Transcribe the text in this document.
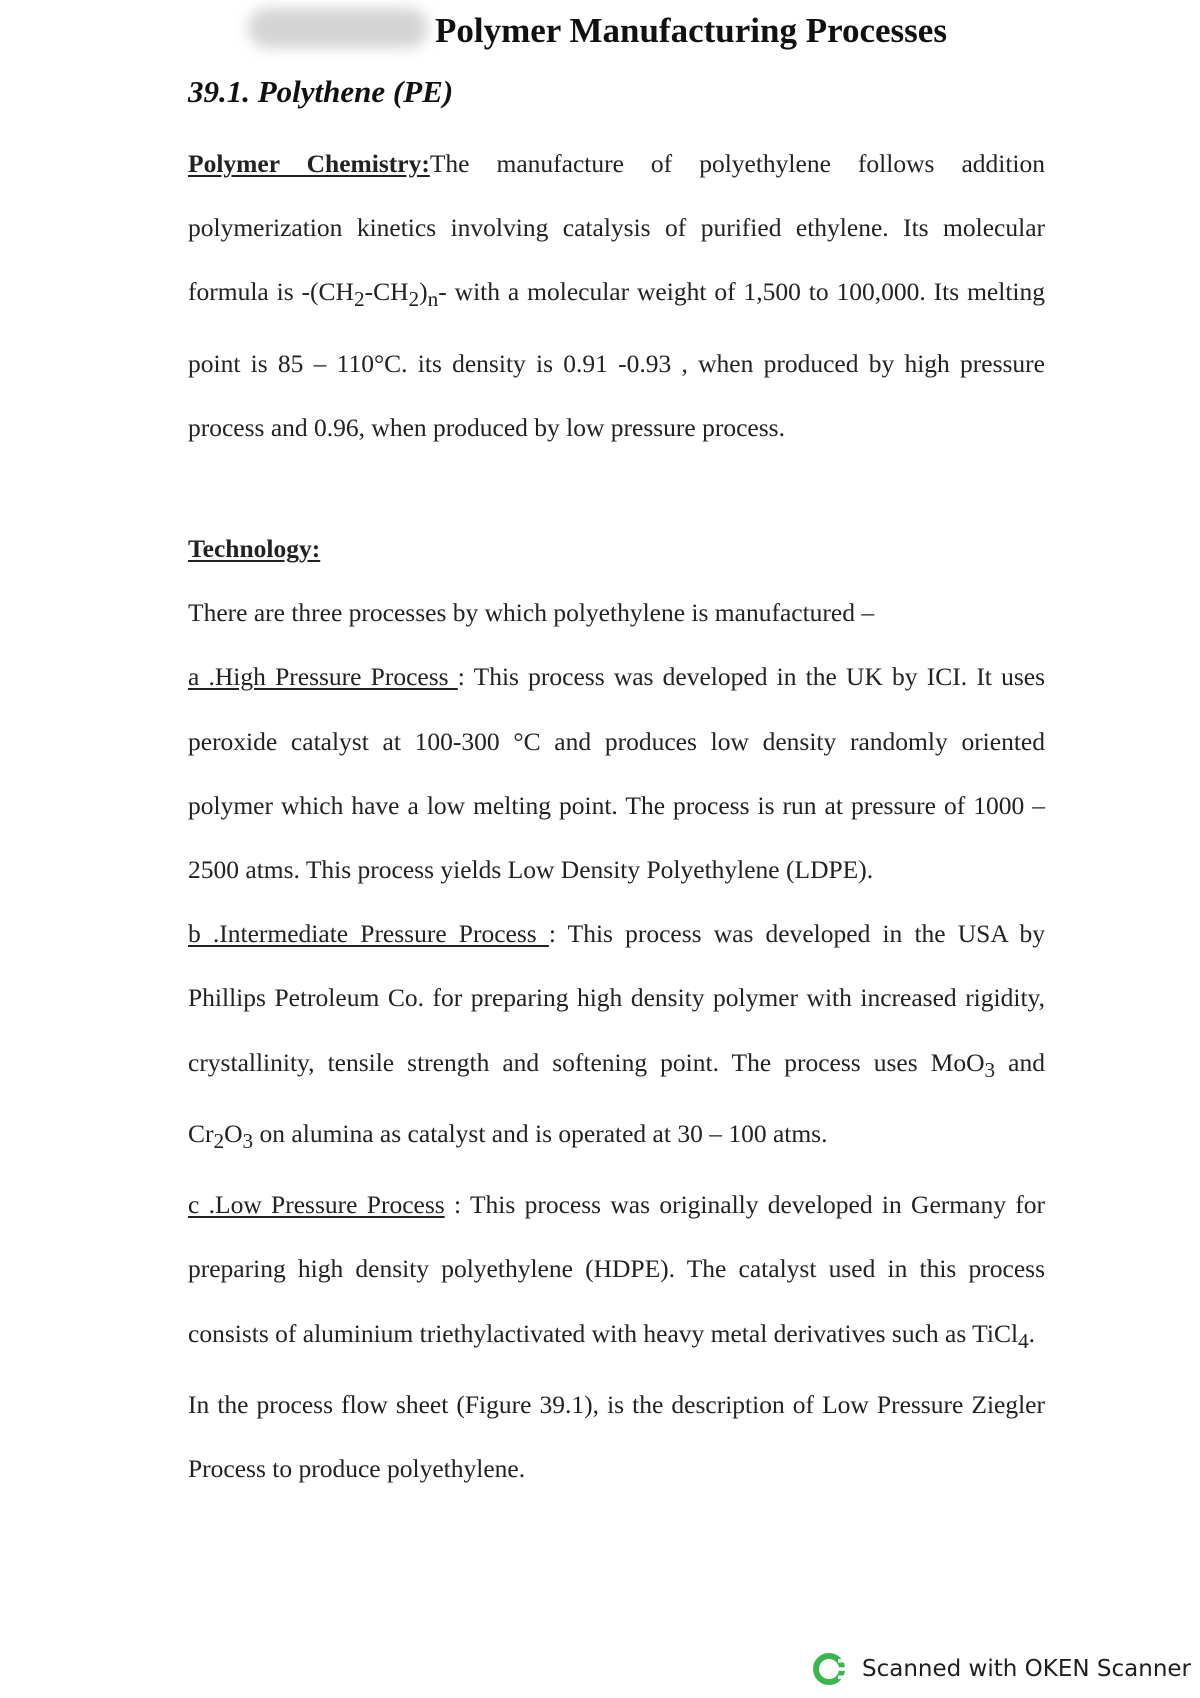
Polymer Manufacturing Processes
39.1. Polythene (PE)

Polymer Chemistry:The manufacture of polyethylene follows addition polymerization kinetics involving catalysis of purified ethylene. Its molecular formula is $-(CH_2-CH_2)_n-$ with a molecular weight of 1,500 to 100,000. Its melting point is 85 – 110°C. its density is 0.91 -0.93 , when produced by high pressure process and 0.96, when produced by low pressure process.

Technology:

There are three processes by which polyethylene is manufactured –

a .High Pressure Process : This process was developed in the UK by ICI. It uses peroxide catalyst at 100-300 °C and produces low density randomly oriented polymer which have a low melting point. The process is run at pressure of 1000 – 2500 atms. This process yields Low Density Polyethylene (LDPE).

b .Intermediate Pressure Process : This process was developed in the USA by Phillips Petroleum Co. for preparing high density polymer with increased rigidity, crystallinity, tensile strength and softening point. The process uses MoO$_3$ and $Cr_2O_3$ on alumina as catalyst and is operated at 30 – 100 atms.

c .Low Pressure Process : This process was originally developed in Germany for preparing high density polyethylene (HDPE). The catalyst used in this process consists of aluminium triethylactivated with heavy metal derivatives such as TiCl$_4$.

In the process flow sheet (Figure 39.1), is the description of Low Pressure Ziegler Process to produce polyethylene.

Scanned with OKEN Scanner
